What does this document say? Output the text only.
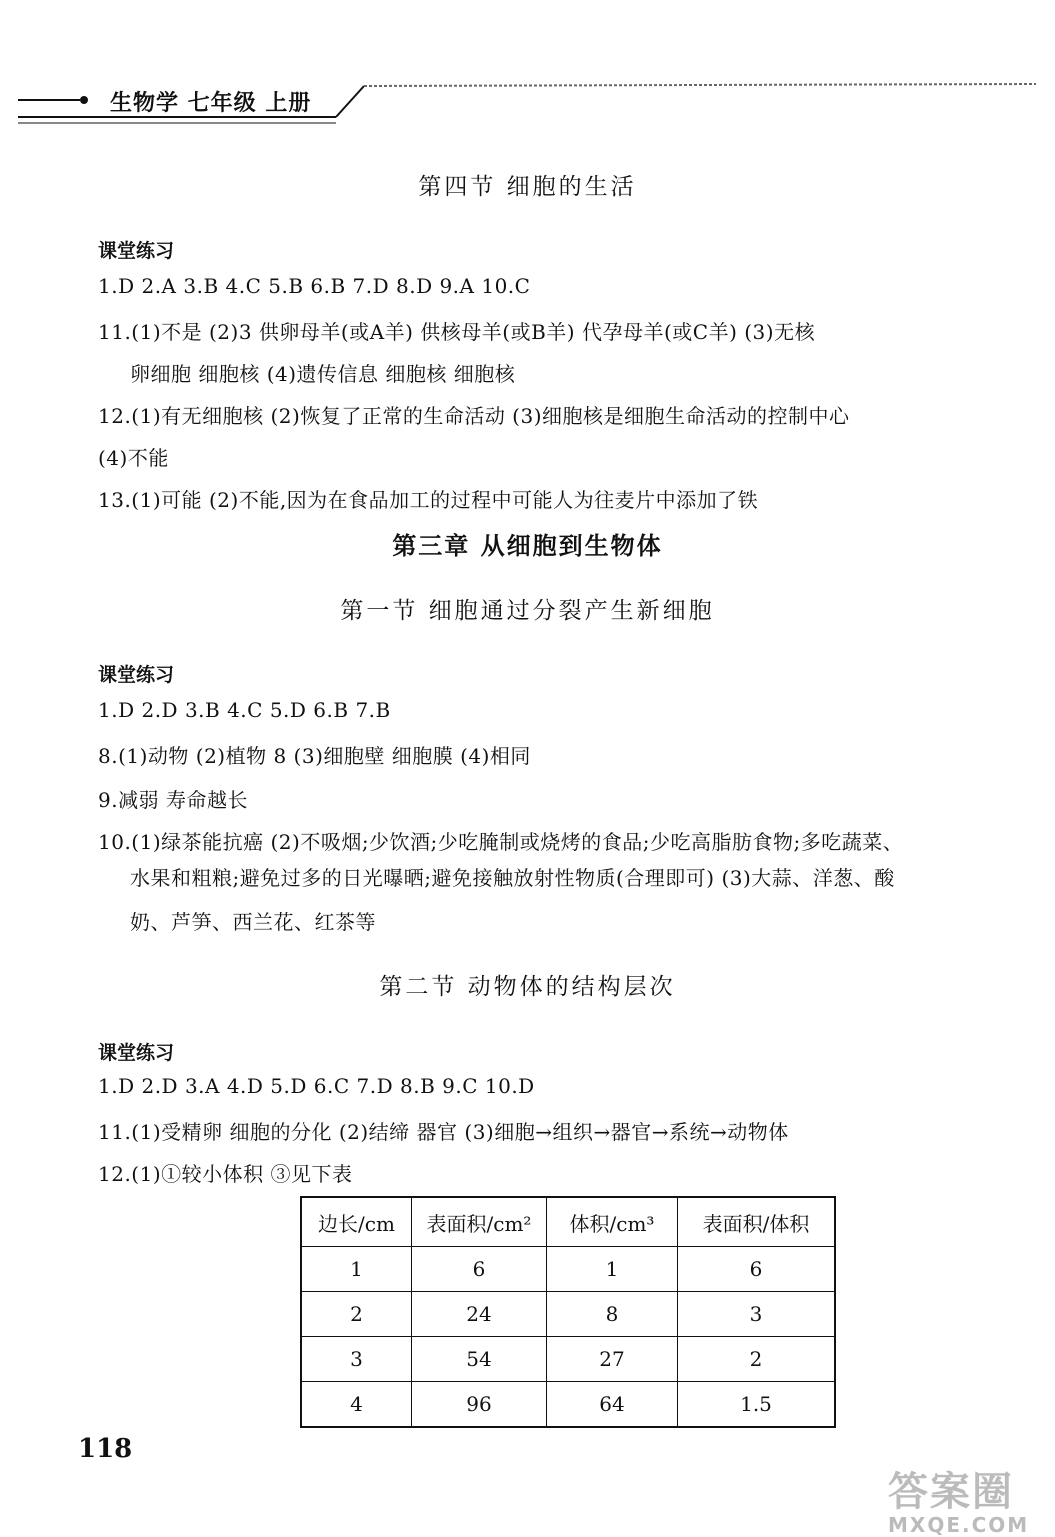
生物学 七年级 上册
第四节 细胞的生活
课堂练习
1.D 2.A 3.B 4.C 5.B 6.B 7.D 8.D 9.A 10.C
11.(1)不是 (2)3 供卵母羊(或A羊) 供核母羊(或B羊) 代孕母羊(或C羊) (3)无核
卵细胞 细胞核 (4)遗传信息 细胞核 细胞核
12.(1)有无细胞核 (2)恢复了正常的生命活动 (3)细胞核是细胞生命活动的控制中心
(4)不能
13.(1)可能 (2)不能,因为在食品加工的过程中可能人为往麦片中添加了铁
第三章 从细胞到生物体
第一节 细胞通过分裂产生新细胞
课堂练习
1.D 2.D 3.B 4.C 5.D 6.B 7.B
8.(1)动物 (2)植物 8 (3)细胞壁 细胞膜 (4)相同
9.减弱 寿命越长
10.(1)绿茶能抗癌 (2)不吸烟;少饮酒;少吃腌制或烧烤的食品;少吃高脂肪食物;多吃蔬菜、
水果和粗粮;避免过多的日光曝晒;避免接触放射性物质(合理即可) (3)大蒜、洋葱、酸
奶、芦笋、西兰花、红茶等
第二节 动物体的结构层次
课堂练习
1.D 2.D 3.A 4.D 5.D 6.C 7.D 8.B 9.C 10.D
11.(1)受精卵 细胞的分化 (2)结缔 器官 (3)细胞→组织→器官→系统→动物体
12.(1)①较小体积 ③见下表
边长/cm	表面积/cm²	体积/cm³	表面积/体积
1	6	1	6
2	24	8	3
3	54	27	2
4	96	64	1.5
118
答案圈
MXQE.COM
